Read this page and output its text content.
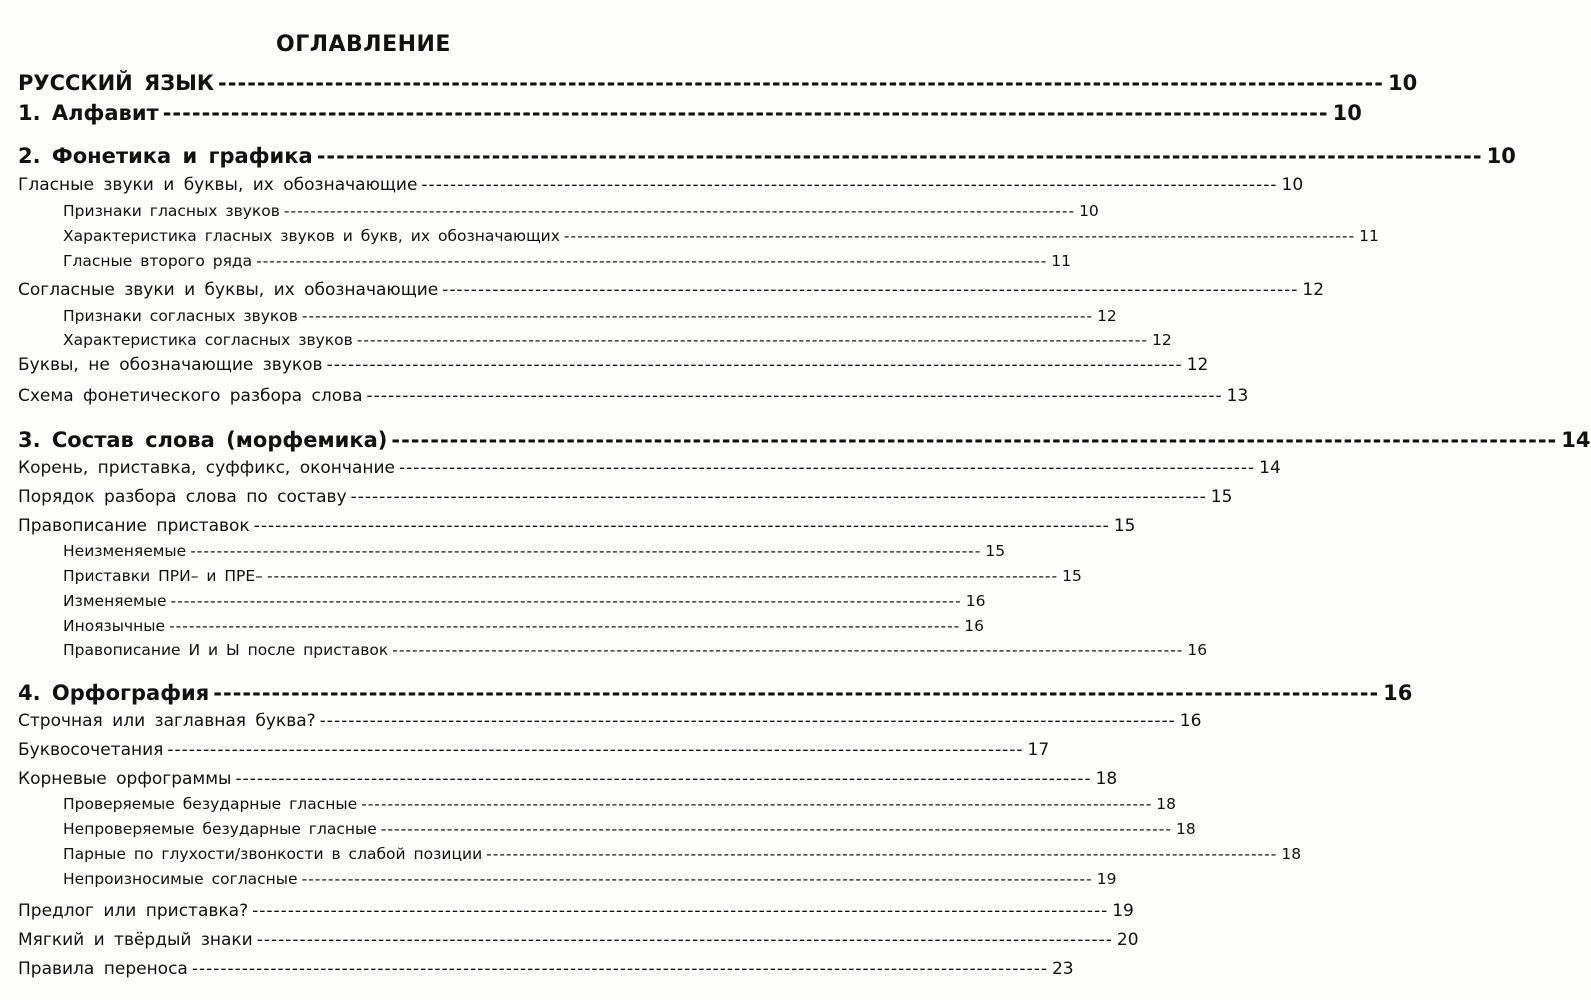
ОГЛАВЛЕНИЕ
РУССКИЙ ЯЗЫК ------------------------------------------------------------------------------------------------------------------------ 10
1. Алфавит ------------------------------------------------------------------------------------------------------------------------ 10
2. Фонетика и графика ------------------------------------------------------------------------------------------------------------------------ 10
Гласные звуки и буквы, их обозначающие ------------------------------------------------------------------------------------------------------------------------ 10
Признаки гласных звуков ------------------------------------------------------------------------------------------------------------------------ 10
Характеристика гласных звуков и букв, их обозначающих ------------------------------------------------------------------------------------------------------------------------ 11
Гласные второго ряда ------------------------------------------------------------------------------------------------------------------------ 11
Согласные звуки и буквы, их обозначающие ------------------------------------------------------------------------------------------------------------------------ 12
Признаки согласных звуков ------------------------------------------------------------------------------------------------------------------------ 12
Характеристика согласных звуков ------------------------------------------------------------------------------------------------------------------------ 12
Буквы, не обозначающие звуков ------------------------------------------------------------------------------------------------------------------------ 12
Схема фонетического разбора слова ------------------------------------------------------------------------------------------------------------------------ 13
3. Состав слова (морфемика) ------------------------------------------------------------------------------------------------------------------------ 14
Корень, приставка, суффикс, окончание ------------------------------------------------------------------------------------------------------------------------ 14
Порядок разбора слова по составу ------------------------------------------------------------------------------------------------------------------------ 15
Правописание приставок ------------------------------------------------------------------------------------------------------------------------ 15
Неизменяемые ------------------------------------------------------------------------------------------------------------------------ 15
Приставки ПРИ– и ПРЕ– ------------------------------------------------------------------------------------------------------------------------ 15
Изменяемые ------------------------------------------------------------------------------------------------------------------------ 16
Иноязычные ------------------------------------------------------------------------------------------------------------------------ 16
Правописание И и Ы после приставок ------------------------------------------------------------------------------------------------------------------------ 16
4. Орфография ------------------------------------------------------------------------------------------------------------------------ 16
Строчная или заглавная буква? ------------------------------------------------------------------------------------------------------------------------ 16
Буквосочетания ------------------------------------------------------------------------------------------------------------------------ 17
Корневые орфограммы ------------------------------------------------------------------------------------------------------------------------ 18
Проверяемые безударные гласные ------------------------------------------------------------------------------------------------------------------------ 18
Непроверяемые безударные гласные ------------------------------------------------------------------------------------------------------------------------ 18
Парные по глухости/звонкости в слабой позиции ------------------------------------------------------------------------------------------------------------------------ 18
Непроизносимые согласные ------------------------------------------------------------------------------------------------------------------------ 19
Предлог или приставка? ------------------------------------------------------------------------------------------------------------------------ 19
Мягкий и твёрдый знаки ------------------------------------------------------------------------------------------------------------------------ 20
Правила переноса ------------------------------------------------------------------------------------------------------------------------ 23
